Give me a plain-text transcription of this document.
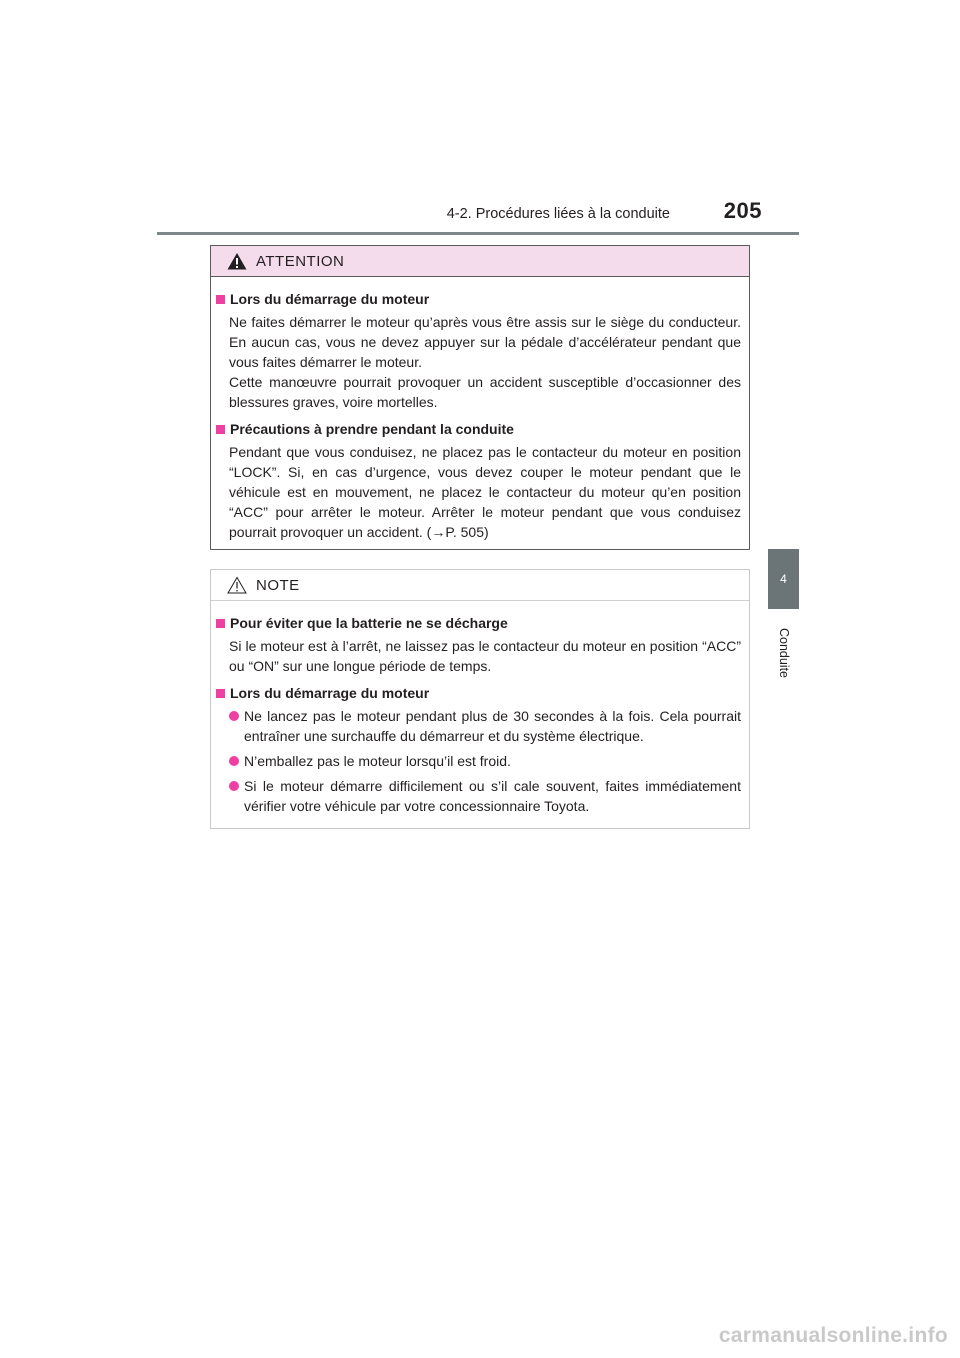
4-2. Procédures liées à la conduite	205
4
Conduite
ATTENTION
Lors du démarrage du moteur
Ne faites démarrer le moteur qu’après vous être assis sur le siège du conducteur. En aucun cas, vous ne devez appuyer sur la pédale d’accélérateur pendant que vous faites démarrer le moteur.
Cette manœuvre pourrait provoquer un accident susceptible d’occasionner des blessures graves, voire mortelles.
Précautions à prendre pendant la conduite
Pendant que vous conduisez, ne placez pas le contacteur du moteur en position “LOCK”. Si, en cas d’urgence, vous devez couper le moteur pendant que le véhicule est en mouvement, ne placez le contacteur du moteur qu’en position “ACC” pour arrêter le moteur. Arrêter le moteur pendant que vous conduisez pourrait provoquer un accident. (→P. 505)
NOTE
Pour éviter que la batterie ne se décharge
Si le moteur est à l’arrêt, ne laissez pas le contacteur du moteur en position “ACC” ou “ON” sur une longue période de temps.
Lors du démarrage du moteur
Ne lancez pas le moteur pendant plus de 30 secondes à la fois. Cela pourrait entraîner une surchauffe du démarreur et du système électrique.
N’emballez pas le moteur lorsqu’il est froid.
Si le moteur démarre difficilement ou s’il cale souvent, faites immédiatement vérifier votre véhicule par votre concessionnaire Toyota.
carmanualsonline.info
